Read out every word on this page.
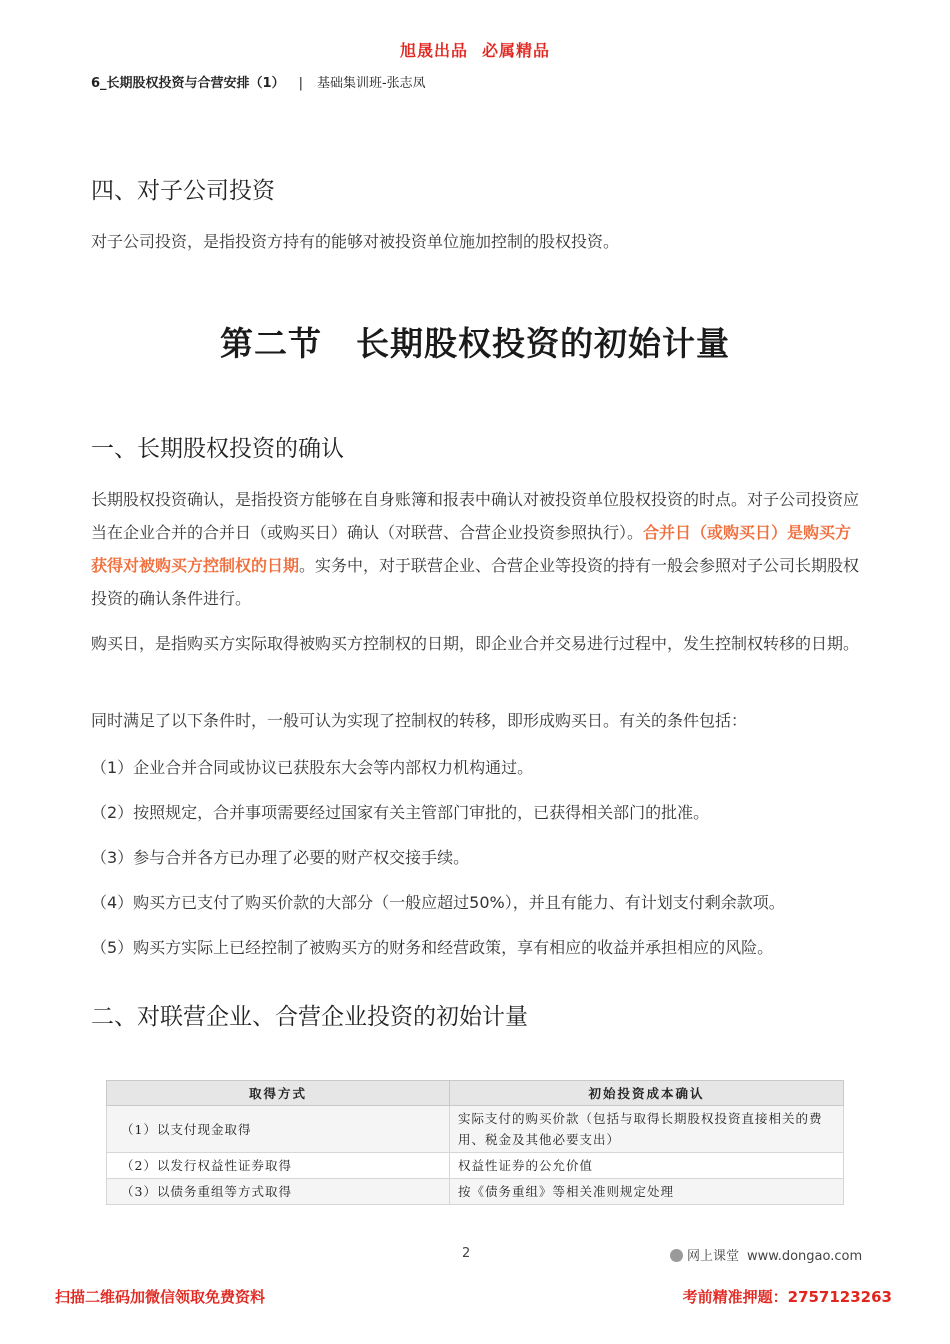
旭晟出品 必属精品
6_长期股权投资与合营安排（1） | 基础集训班-张志凤
四、对子公司投资
对子公司投资，是指投资方持有的能够对被投资单位施加控制的股权投资。
第二节　长期股权投资的初始计量
一、长期股权投资的确认
长期股权投资确认，是指投资方能够在自身账簿和报表中确认对被投资单位股权投资的时点。对子公司投资应当在企业合并的合并日（或购买日）确认（对联营、合营企业投资参照执行）。合并日（或购买日）是购买方获得对被购买方控制权的日期。实务中，对于联营企业、合营企业等投资的持有一般会参照对子公司长期股权投资的确认条件进行。
购买日，是指购买方实际取得被购买方控制权的日期，即企业合并交易进行过程中，发生控制权转移的日期。
同时满足了以下条件时，一般可认为实现了控制权的转移，即形成购买日。有关的条件包括：
（1）企业合并合同或协议已获股东大会等内部权力机构通过。
（2）按照规定，合并事项需要经过国家有关主管部门审批的，已获得相关部门的批准。
（3）参与合并各方已办理了必要的财产权交接手续。
（4）购买方已支付了购买价款的大部分（一般应超过50%），并且有能力、有计划支付剩余款项。
（5）购买方实际上已经控制了被购买方的财务和经营政策，享有相应的收益并承担相应的风险。
二、对联营企业、合营企业投资的初始计量
取得方式	初始投资成本确认
（1）以支付现金取得	实际支付的购买价款（包括与取得长期股权投资直接相关的费用、税金及其他必要支出）
（2）以发行权益性证券取得	权益性证券的公允价值
（3）以债务重组等方式取得	按《债务重组》等相关准则规定处理
2	网上课堂 www.dongao.com
扫描二维码加微信领取免费资料	考前精准押题：2757123263
